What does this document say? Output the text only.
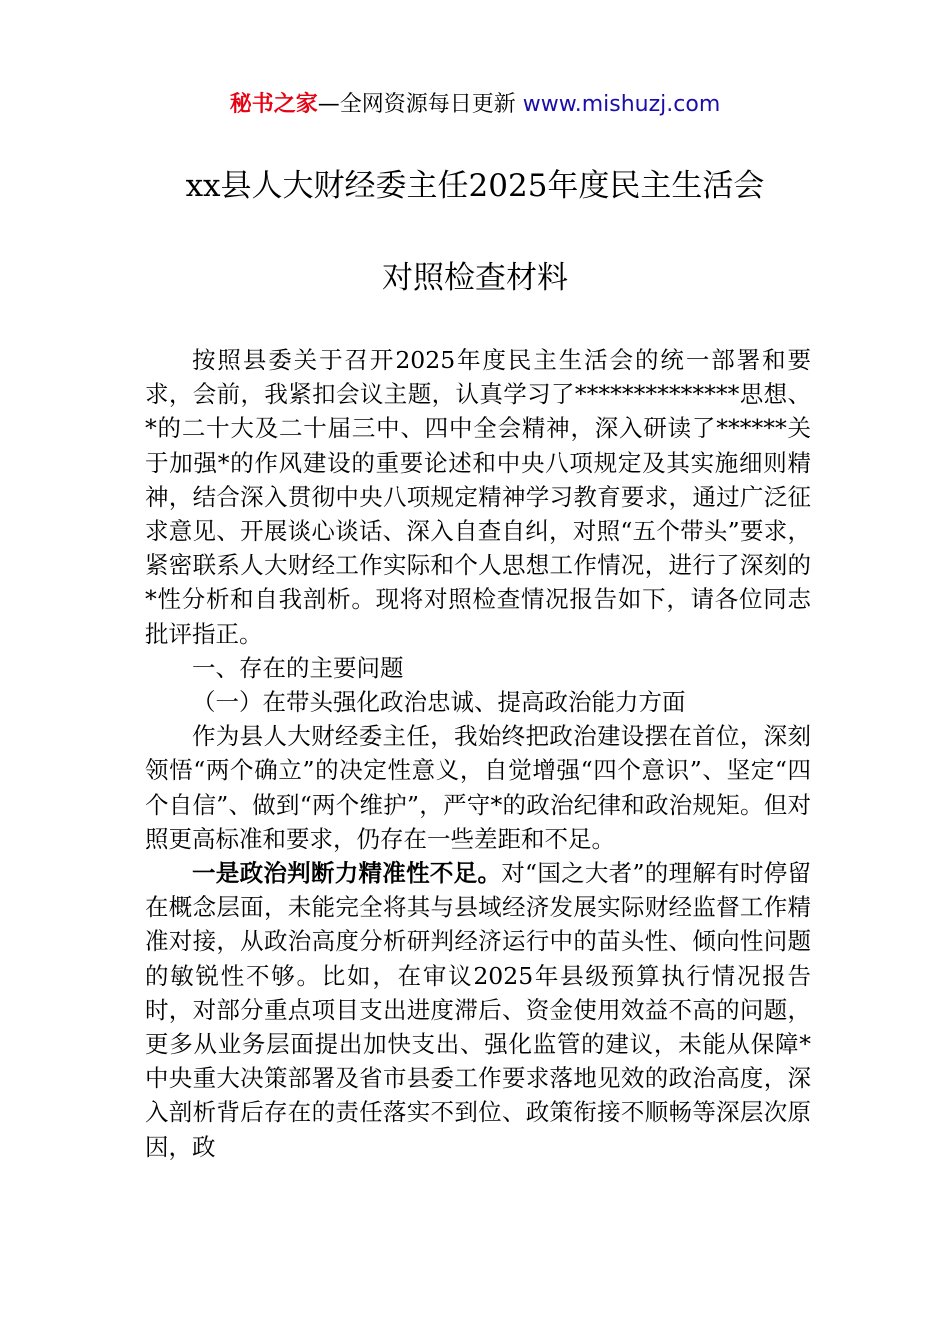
秘书之家—全网资源每日更新 www.mishuzj.com
xx县人大财经委主任2025年度民主生活会
对照检查材料

按照县委关于召开2025年度民主生活会的统一部署和要求，会前，我紧扣会议主题，认真学习了**************思想、*的二十大及二十届三中、四中全会精神，深入研读了******关于加强*的作风建设的重要论述和中央八项规定及其实施细则精神，结合深入贯彻中央八项规定精神学习教育要求，通过广泛征求意见、开展谈心谈话、深入自查自纠，对照“五个带头”要求，紧密联系人大财经工作实际和个人思想工作情况，进行了深刻的*性分析和自我剖析。现将对照检查情况报告如下，请各位同志批评指正。

一、存在的主要问题

（一）在带头强化政治忠诚、提高政治能力方面

作为县人大财经委主任，我始终把政治建设摆在首位，深刻领悟“两个确立”的决定性意义，自觉增强“四个意识”、坚定“四个自信”、做到“两个维护”，严守*的政治纪律和政治规矩。但对照更高标准和要求，仍存在一些差距和不足。

一是政治判断力精准性不足。对“国之大者”的理解有时停留在概念层面，未能完全将其与县域经济发展实际财经监督工作精准对接，从政治高度分析研判经济运行中的苗头性、倾向性问题的敏锐性不够。比如，在审议2025年县级预算执行情况报告时，对部分重点项目支出进度滞后、资金使用效益不高的问题，更多从业务层面提出加快支出、强化监管的建议，未能从保障*中央重大决策部署及省市县委工作要求落地见效的政治高度，深入剖析背后存在的责任落实不到位、政策衔接不顺畅等深层次原因，政
